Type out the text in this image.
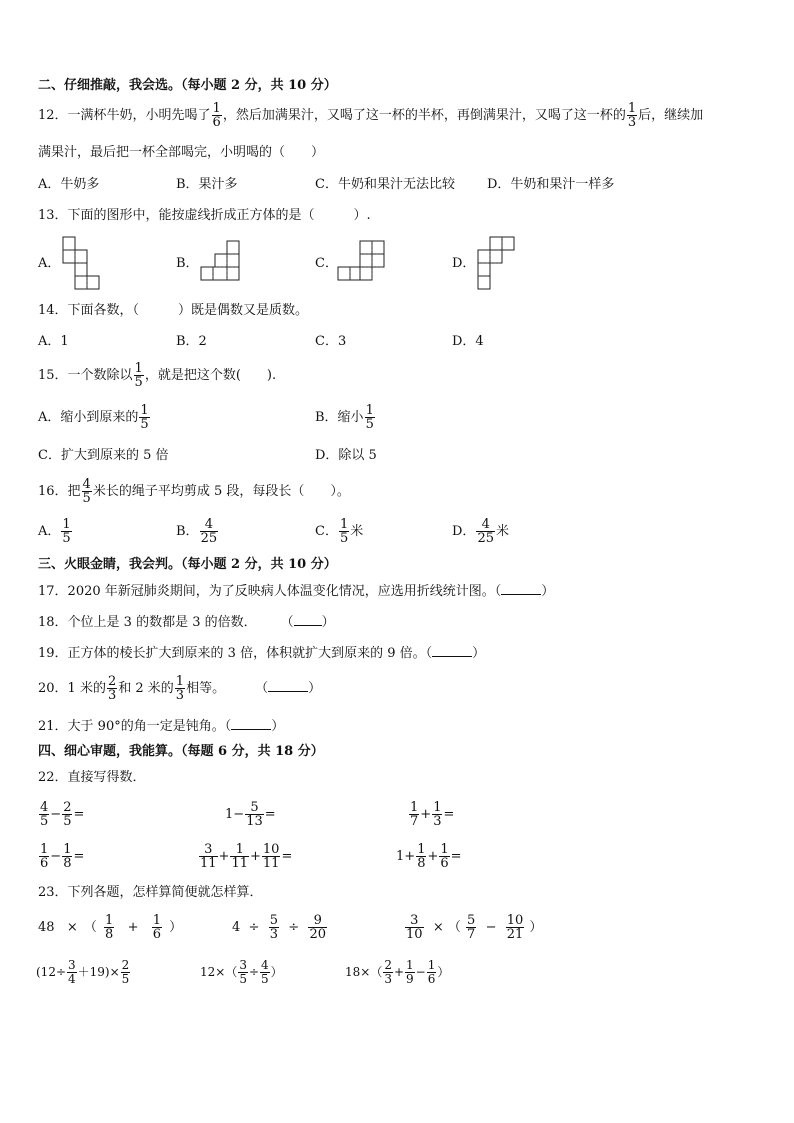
二、仔细推敲，我会选。（每小题 2 分，共 10 分）
12．一满杯牛奶，小明先喝了 $\frac{1}{6}$ ，然后加满果汁，又喝了这一杯的半杯，再倒满果汁，又喝了这一杯的 $\frac{1}{3}$ 后，继续加
满果汁，最后把一杯全部喝完，小明喝的（　　）
A．牛奶多	B．果汁多	C．牛奶和果汁无法比较 D．牛奶和果汁一样多
13．下面的图形中，能按虚线折成正方体的是（　　　）.
A．	B．	C．	D．
14．下面各数，（　　　）既是偶数又是质数。
A．1	B．2	C．3	D．4
15．一个数除以 $\frac{1}{5}$ ，就是把这个数(　　).
A．缩小到原来的 $\frac{1}{5}$	B．缩小 $\frac{1}{5}$
C．扩大到原来的 5 倍	D．除以 5
16．把 $\frac{4}{5}$ 米长的绳子平均剪成 5 段，每段长（　　）。
A． $\frac{1}{5}$	B． $\frac{4}{25}$	C． $\frac{1}{5}$ 米	D． $\frac{4}{25}$ 米
三、火眼金睛，我会判。（每小题 2 分，共 10 分）
17．2020 年新冠肺炎期间，为了反映病人体温变化情况，应选用折线统计图。（	）
18．个位上是 3 的数都是 3 的倍数． （ ）
19．正方体的棱长扩大到原来的 3 倍，体积就扩大到原来的 9 倍。（	）
20．1 米的 $\frac{2}{3}$ 和 2 米的 $\frac{1}{3}$ 相等。 （	）
21．大于 90°的角一定是钝角。（	）
四、细心审题，我能算。（每题 6 分，共 18 分）
22．直接写得数．
$\frac{4}{5} - \frac{2}{5}$ =	$1- \frac{5}{13}$ =	$\frac{1}{7} + \frac{1}{3}$ =
$\frac{1}{6} - \frac{1}{8}$ =	$\frac{3}{11} + \frac{1}{11} + \frac{10}{11}$ =	$1+ \frac{1}{8} + \frac{1}{6}$ =
23．下列各题，怎样算简便就怎样算．
48 × （ $\frac{1}{8} + \frac{1}{6}$ ）	$4 \div \frac{5}{3} \div \frac{9}{20}$	$\frac{3}{10}$ × （ $\frac{5}{7} - \frac{10}{21}$ ）
$(12\div \frac{3}{4} +19)\times \frac{2}{5}$	$12\times( \frac{3}{5} \div \frac{4}{5}$ ）	$18\times( \frac{2}{3} + \frac{1}{9} - \frac{1}{6}$ ）
